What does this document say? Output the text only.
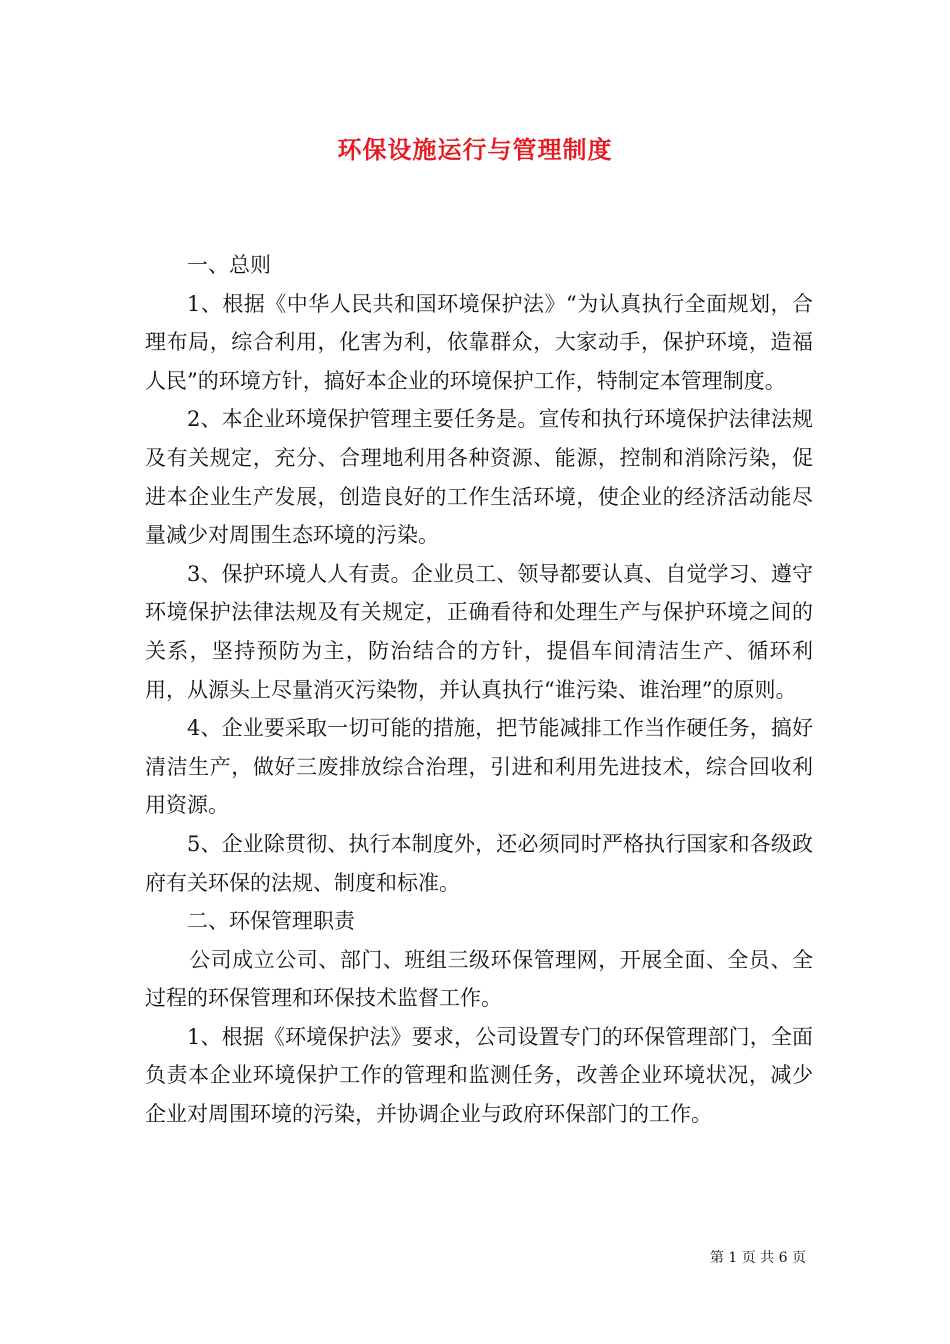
环保设施运行与管理制度

一、总则

1、根据《中华人民共和国环境保护法》“为认真执行全面规划，合理布局，综合利用，化害为利，依靠群众，大家动手，保护环境，造福人民”的环境方针，搞好本企业的环境保护工作，特制定本管理制度。

2、本企业环境保护管理主要任务是。宣传和执行环境保护法律法规及有关规定，充分、合理地利用各种资源、能源，控制和消除污染，促进本企业生产发展，创造良好的工作生活环境，使企业的经济活动能尽量减少对周围生态环境的污染。

3、保护环境人人有责。企业员工、领导都要认真、自觉学习、遵守环境保护法律法规及有关规定，正确看待和处理生产与保护环境之间的关系，坚持预防为主，防治结合的方针，提倡车间清洁生产、循环利用，从源头上尽量消灭污染物，并认真执行“谁污染、谁治理”的原则。

4、企业要采取一切可能的措施，把节能减排工作当作硬任务，搞好清洁生产，做好三废排放综合治理，引进和利用先进技术，综合回收利用资源。

5、企业除贯彻、执行本制度外，还必须同时严格执行国家和各级政府有关环保的法规、制度和标准。

二、环保管理职责

公司成立公司、部门、班组三级环保管理网，开展全面、全员、全过程的环保管理和环保技术监督工作。

1、根据《环境保护法》要求，公司设置专门的环保管理部门，全面负责本企业环境保护工作的管理和监测任务，改善企业环境状况，减少企业对周围环境的污染，并协调企业与政府环保部门的工作。

第 1 页 共 6 页
